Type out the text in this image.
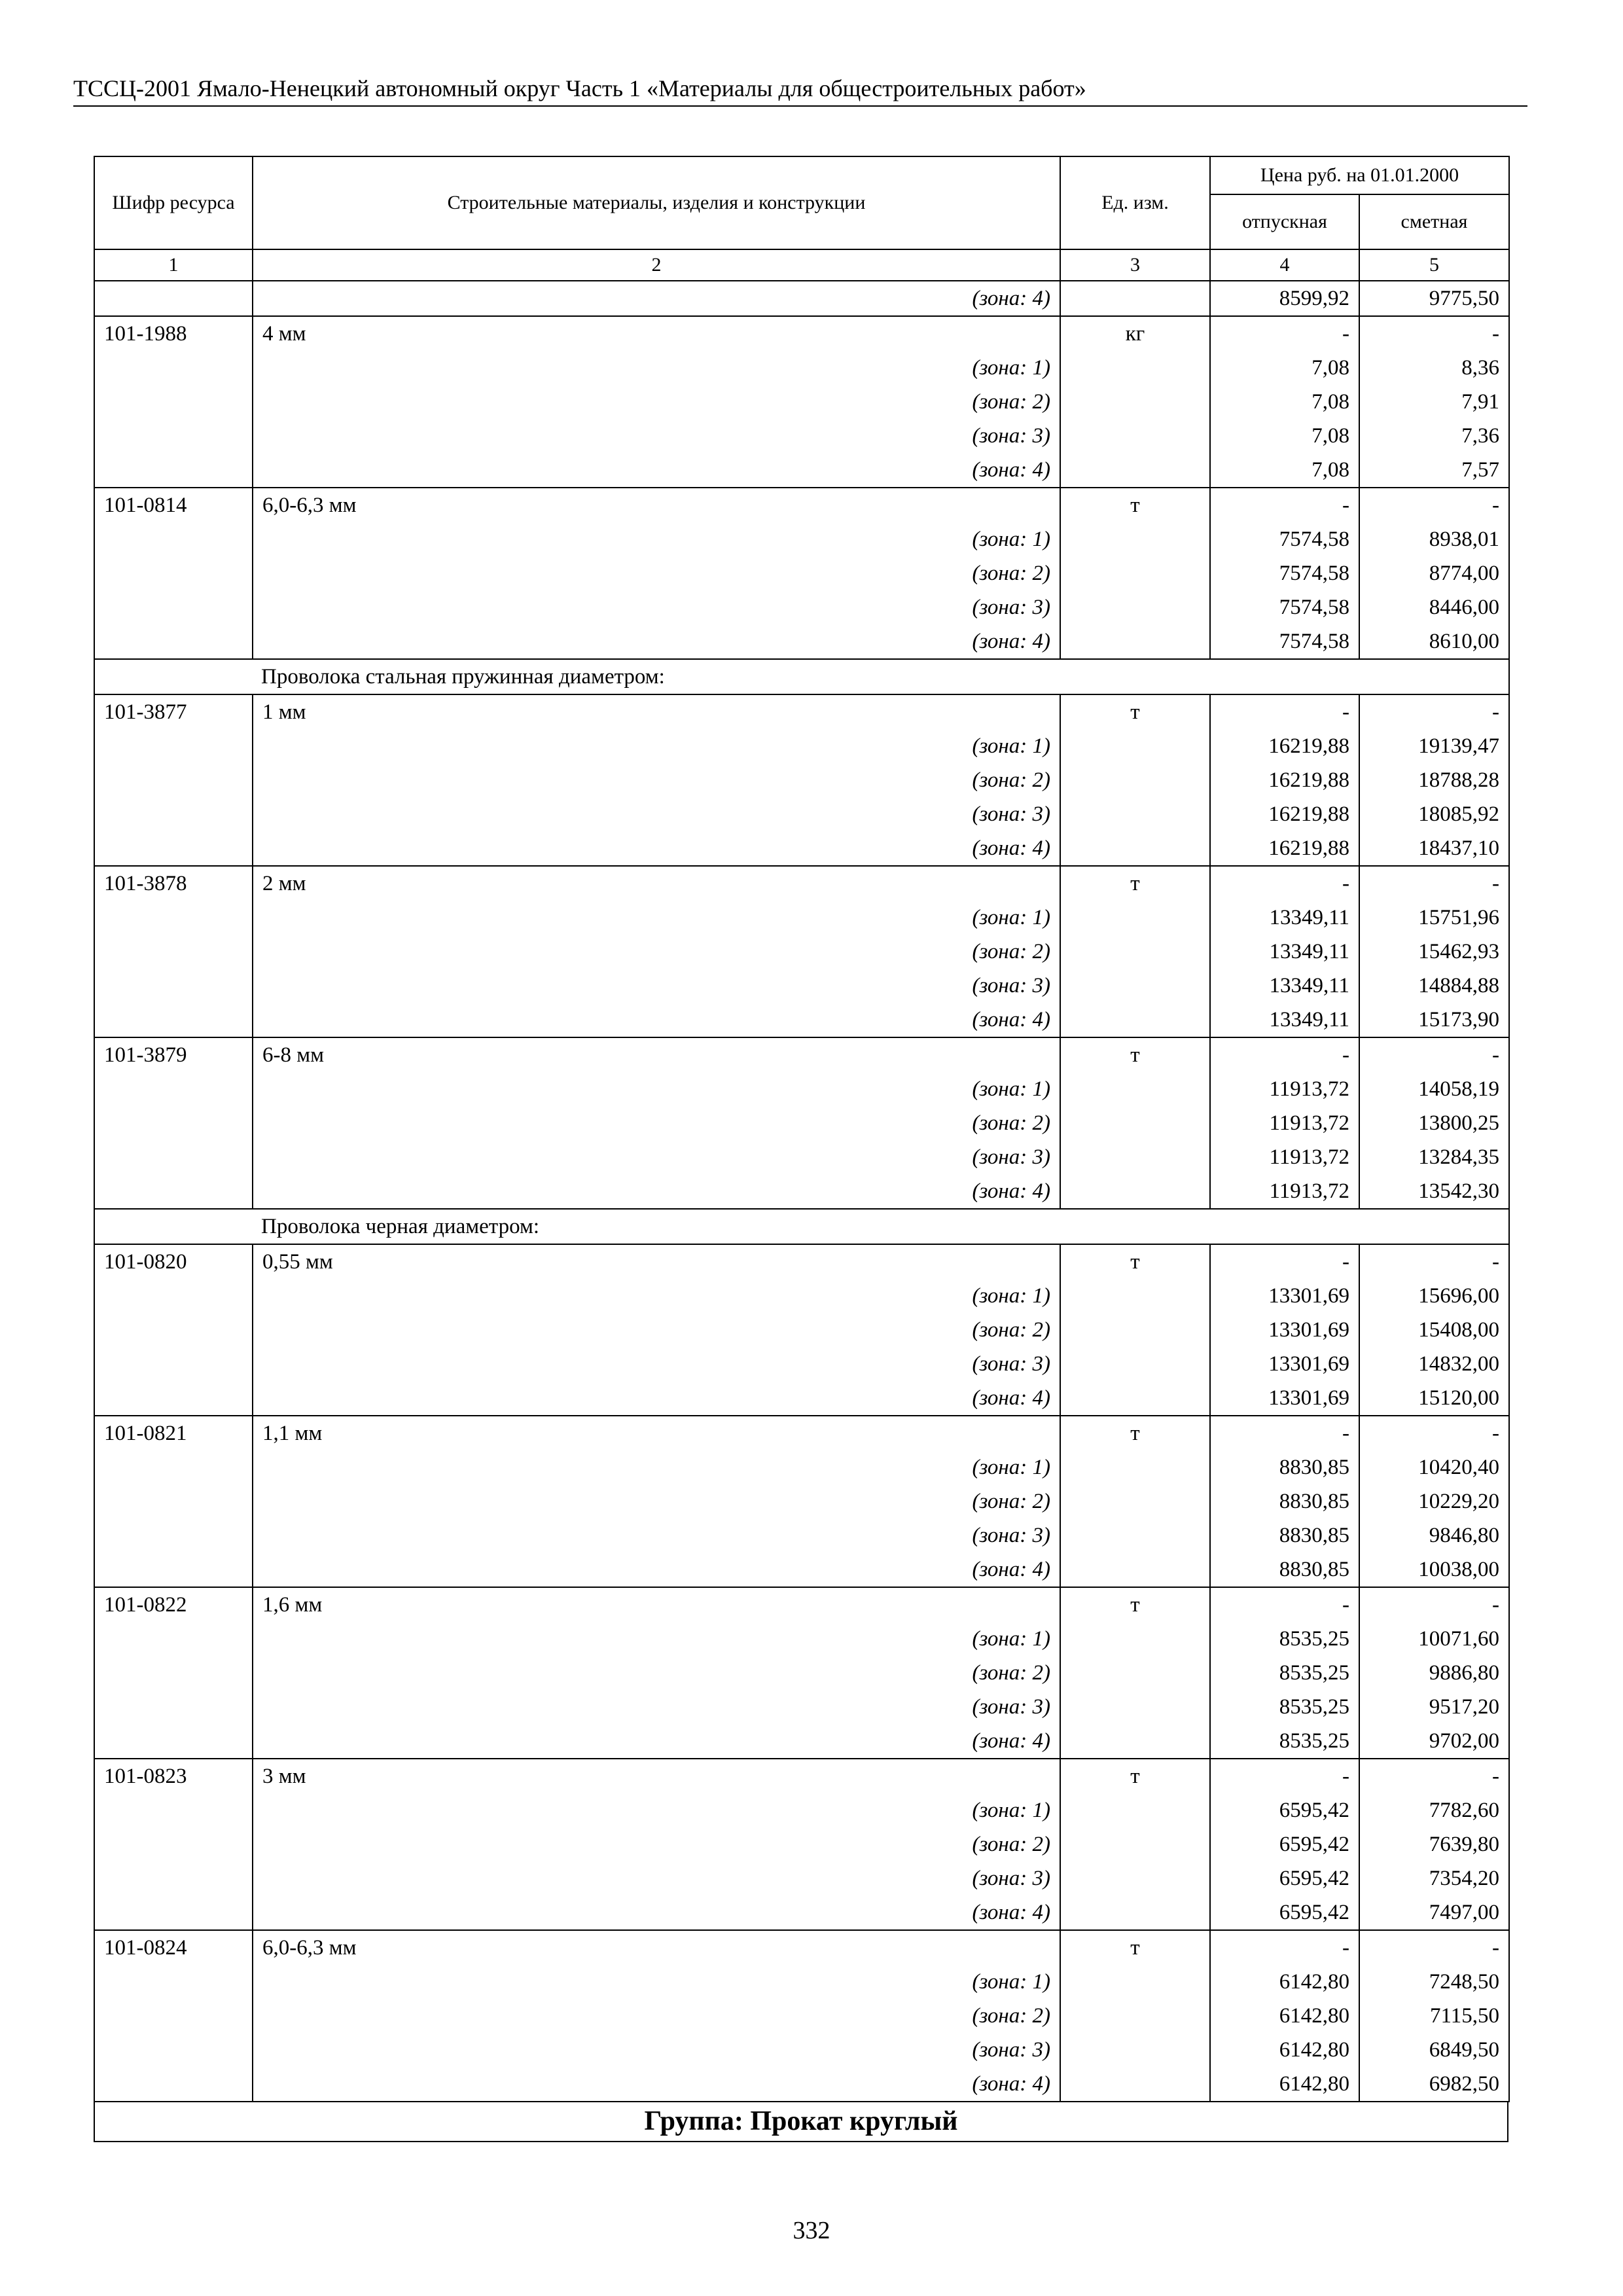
ТССЦ-2001 Ямало-Ненецкий автономный округ Часть 1 «Материалы для общестроительных работ»
Шифр ресурса	Строительные материалы, изделия и конструкции	Ед. изм.	Цена руб. на 01.01.2000	
			отпускная	сметная
1	2	3	4	5
	(зона: 4)		8599,92	9775,50
101-1988	4 мм	кг	-	-
	(зона: 1)		7,08	8,36
	(зона: 2)		7,08	7,91
	(зона: 3)		7,08	7,36
	(зона: 4)		7,08	7,57
101-0814	6,0-6,3 мм	т	-	-
	(зона: 1)		7574,58	8938,01
	(зона: 2)		7574,58	8774,00
	(зона: 3)		7574,58	8446,00
	(зона: 4)		7574,58	8610,00
Проволока стальная пружинная диаметром:				
101-3877	1 мм	т	-	-
	(зона: 1)		16219,88	19139,47
	(зона: 2)		16219,88	18788,28
	(зона: 3)		16219,88	18085,92
	(зона: 4)		16219,88	18437,10
101-3878	2 мм	т	-	-
	(зона: 1)		13349,11	15751,96
	(зона: 2)		13349,11	15462,93
	(зона: 3)		13349,11	14884,88
	(зона: 4)		13349,11	15173,90
101-3879	6-8 мм	т	-	-
	(зона: 1)		11913,72	14058,19
	(зона: 2)		11913,72	13800,25
	(зона: 3)		11913,72	13284,35
	(зона: 4)		11913,72	13542,30
Проволока черная диаметром:				
101-0820	0,55 мм	т	-	-
	(зона: 1)		13301,69	15696,00
	(зона: 2)		13301,69	15408,00
	(зона: 3)		13301,69	14832,00
	(зона: 4)		13301,69	15120,00
101-0821	1,1 мм	т	-	-
	(зона: 1)		8830,85	10420,40
	(зона: 2)		8830,85	10229,20
	(зона: 3)		8830,85	9846,80
	(зона: 4)		8830,85	10038,00
101-0822	1,6 мм	т	-	-
	(зона: 1)		8535,25	10071,60
	(зона: 2)		8535,25	9886,80
	(зона: 3)		8535,25	9517,20
	(зона: 4)		8535,25	9702,00
101-0823	3 мм	т	-	-
	(зона: 1)		6595,42	7782,60
	(зона: 2)		6595,42	7639,80
	(зона: 3)		6595,42	7354,20
	(зона: 4)		6595,42	7497,00
101-0824	6,0-6,3 мм	т	-	-
	(зона: 1)		6142,80	7248,50
	(зона: 2)		6142,80	7115,50
	(зона: 3)		6142,80	6849,50
	(зона: 4)		6142,80	6982,50
Группа: Прокат круглый
332
